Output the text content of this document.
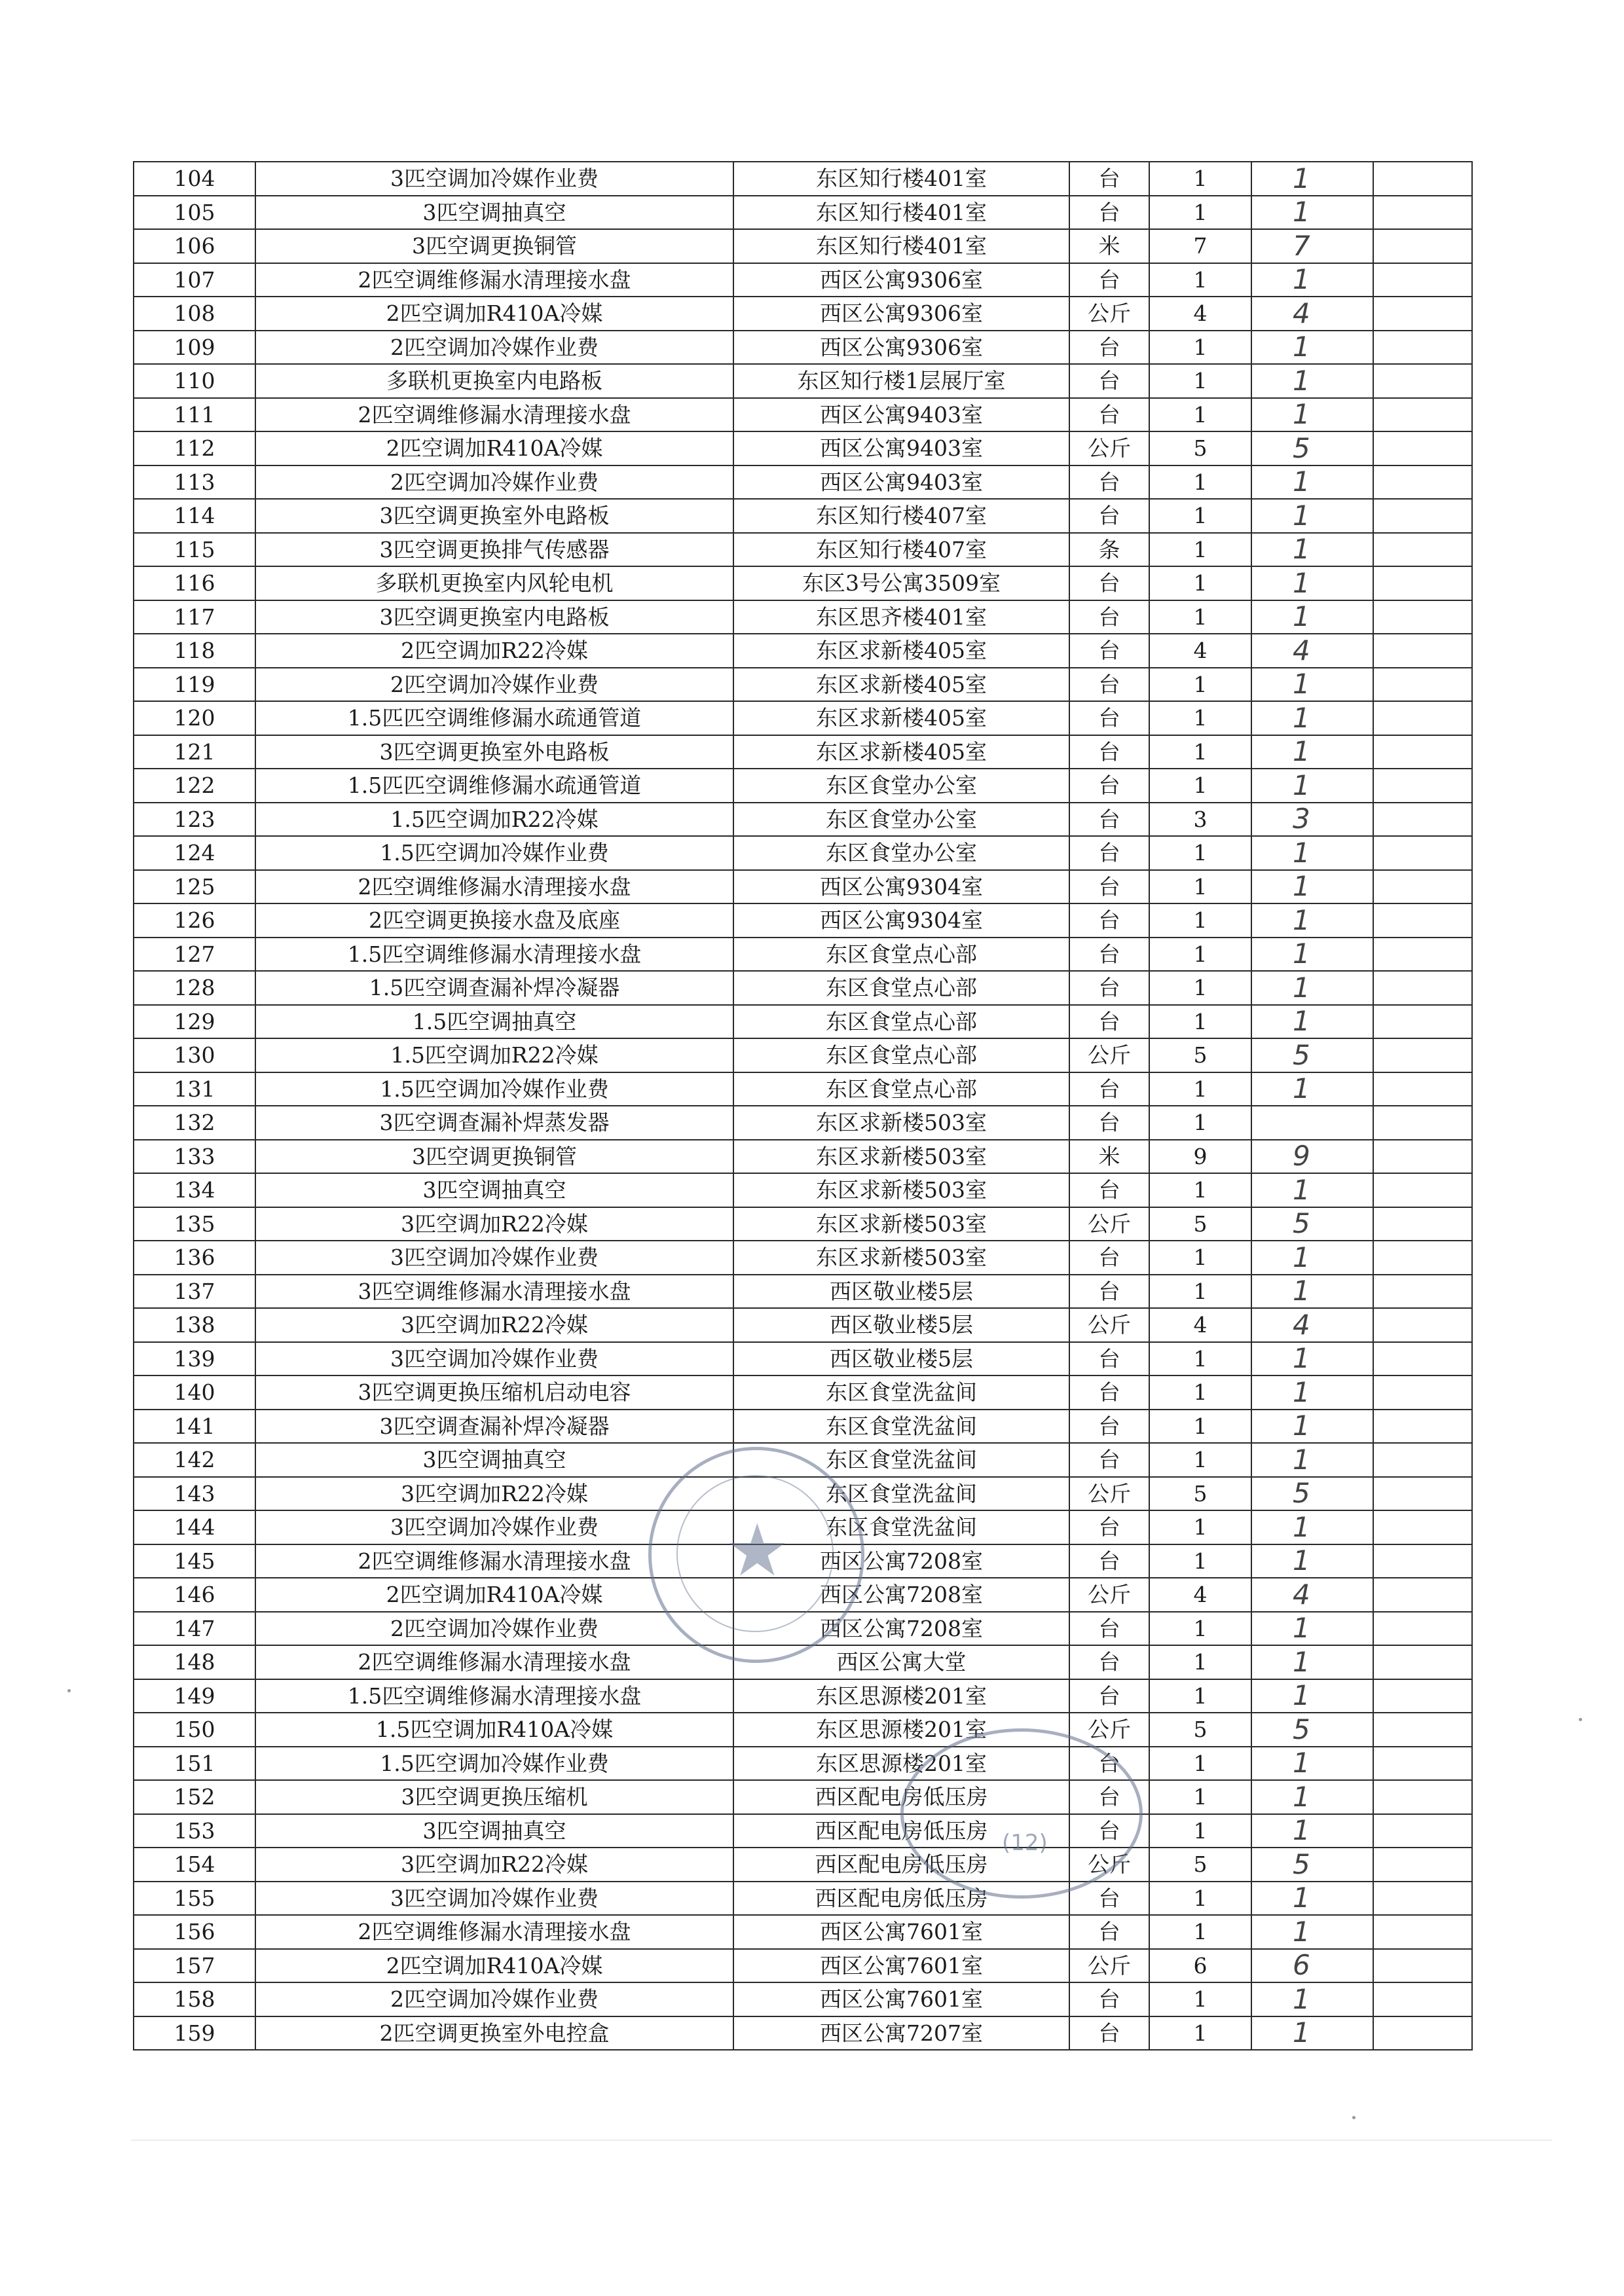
104	3匹空调加冷媒作业费	东区知行楼401室	台	1	1	
105	3匹空调抽真空	东区知行楼401室	台	1	1	
106	3匹空调更换铜管	东区知行楼401室	米	7	7	
107	2匹空调维修漏水清理接水盘	西区公寓9306室	台	1	1	
108	2匹空调加R410A冷媒	西区公寓9306室	公斤	4	4	
109	2匹空调加冷媒作业费	西区公寓9306室	台	1	1	
110	多联机更换室内电路板	东区知行楼1层展厅室	台	1	1	
111	2匹空调维修漏水清理接水盘	西区公寓9403室	台	1	1	
112	2匹空调加R410A冷媒	西区公寓9403室	公斤	5	5	
113	2匹空调加冷媒作业费	西区公寓9403室	台	1	1	
114	3匹空调更换室外电路板	东区知行楼407室	台	1	1	
115	3匹空调更换排气传感器	东区知行楼407室	条	1	1	
116	多联机更换室内风轮电机	东区3号公寓3509室	台	1	1	
117	3匹空调更换室内电路板	东区思齐楼401室	台	1	1	
118	2匹空调加R22冷媒	东区求新楼405室	台	4	4	
119	2匹空调加冷媒作业费	东区求新楼405室	台	1	1	
120	1.5匹匹空调维修漏水疏通管道	东区求新楼405室	台	1	1	
121	3匹空调更换室外电路板	东区求新楼405室	台	1	1	
122	1.5匹匹空调维修漏水疏通管道	东区食堂办公室	台	1	1	
123	1.5匹空调加R22冷媒	东区食堂办公室	台	3	3	
124	1.5匹空调加冷媒作业费	东区食堂办公室	台	1	1	
125	2匹空调维修漏水清理接水盘	西区公寓9304室	台	1	1	
126	2匹空调更换接水盘及底座	西区公寓9304室	台	1	1	
127	1.5匹空调维修漏水清理接水盘	东区食堂点心部	台	1	1	
128	1.5匹空调查漏补焊冷凝器	东区食堂点心部	台	1	1	
129	1.5匹空调抽真空	东区食堂点心部	台	1	1	
130	1.5匹空调加R22冷媒	东区食堂点心部	公斤	5	5	
131	1.5匹空调加冷媒作业费	东区食堂点心部	台	1	1	
132	3匹空调查漏补焊蒸发器	东区求新楼503室	台	1		
133	3匹空调更换铜管	东区求新楼503室	米	9	9	
134	3匹空调抽真空	东区求新楼503室	台	1	1	
135	3匹空调加R22冷媒	东区求新楼503室	公斤	5	5	
136	3匹空调加冷媒作业费	东区求新楼503室	台	1	1	
137	3匹空调维修漏水清理接水盘	西区敬业楼5层	台	1	1	
138	3匹空调加R22冷媒	西区敬业楼5层	公斤	4	4	
139	3匹空调加冷媒作业费	西区敬业楼5层	台	1	1	
140	3匹空调更换压缩机启动电容	东区食堂洗盆间	台	1	1	
141	3匹空调查漏补焊冷凝器	东区食堂洗盆间	台	1	1	
142	3匹空调抽真空	东区食堂洗盆间	台	1	1	
143	3匹空调加R22冷媒	东区食堂洗盆间	公斤	5	5	
144	3匹空调加冷媒作业费	东区食堂洗盆间	台	1	1	
145	2匹空调维修漏水清理接水盘	西区公寓7208室	台	1	1	
146	2匹空调加R410A冷媒	西区公寓7208室	公斤	4	4	
147	2匹空调加冷媒作业费	西区公寓7208室	台	1	1	
148	2匹空调维修漏水清理接水盘	西区公寓大堂	台	1	1	
149	1.5匹空调维修漏水清理接水盘	东区思源楼201室	台	1	1	
150	1.5匹空调加R410A冷媒	东区思源楼201室	公斤	5	5	
151	1.5匹空调加冷媒作业费	东区思源楼201室	台	1	1	
152	3匹空调更换压缩机	西区配电房低压房	台	1	1	
153	3匹空调抽真空	西区配电房低压房	台	1	1	
154	3匹空调加R22冷媒	西区配电房低压房	公斤	5	5	
155	3匹空调加冷媒作业费	西区配电房低压房	台	1	1	
156	2匹空调维修漏水清理接水盘	西区公寓7601室	台	1	1	
157	2匹空调加R410A冷媒	西区公寓7601室	公斤	6	6	
158	2匹空调加冷媒作业费	西区公寓7601室	台	1	1	
159	2匹空调更换室外电控盒	西区公寓7207室	台	1	1	
★
(12)
